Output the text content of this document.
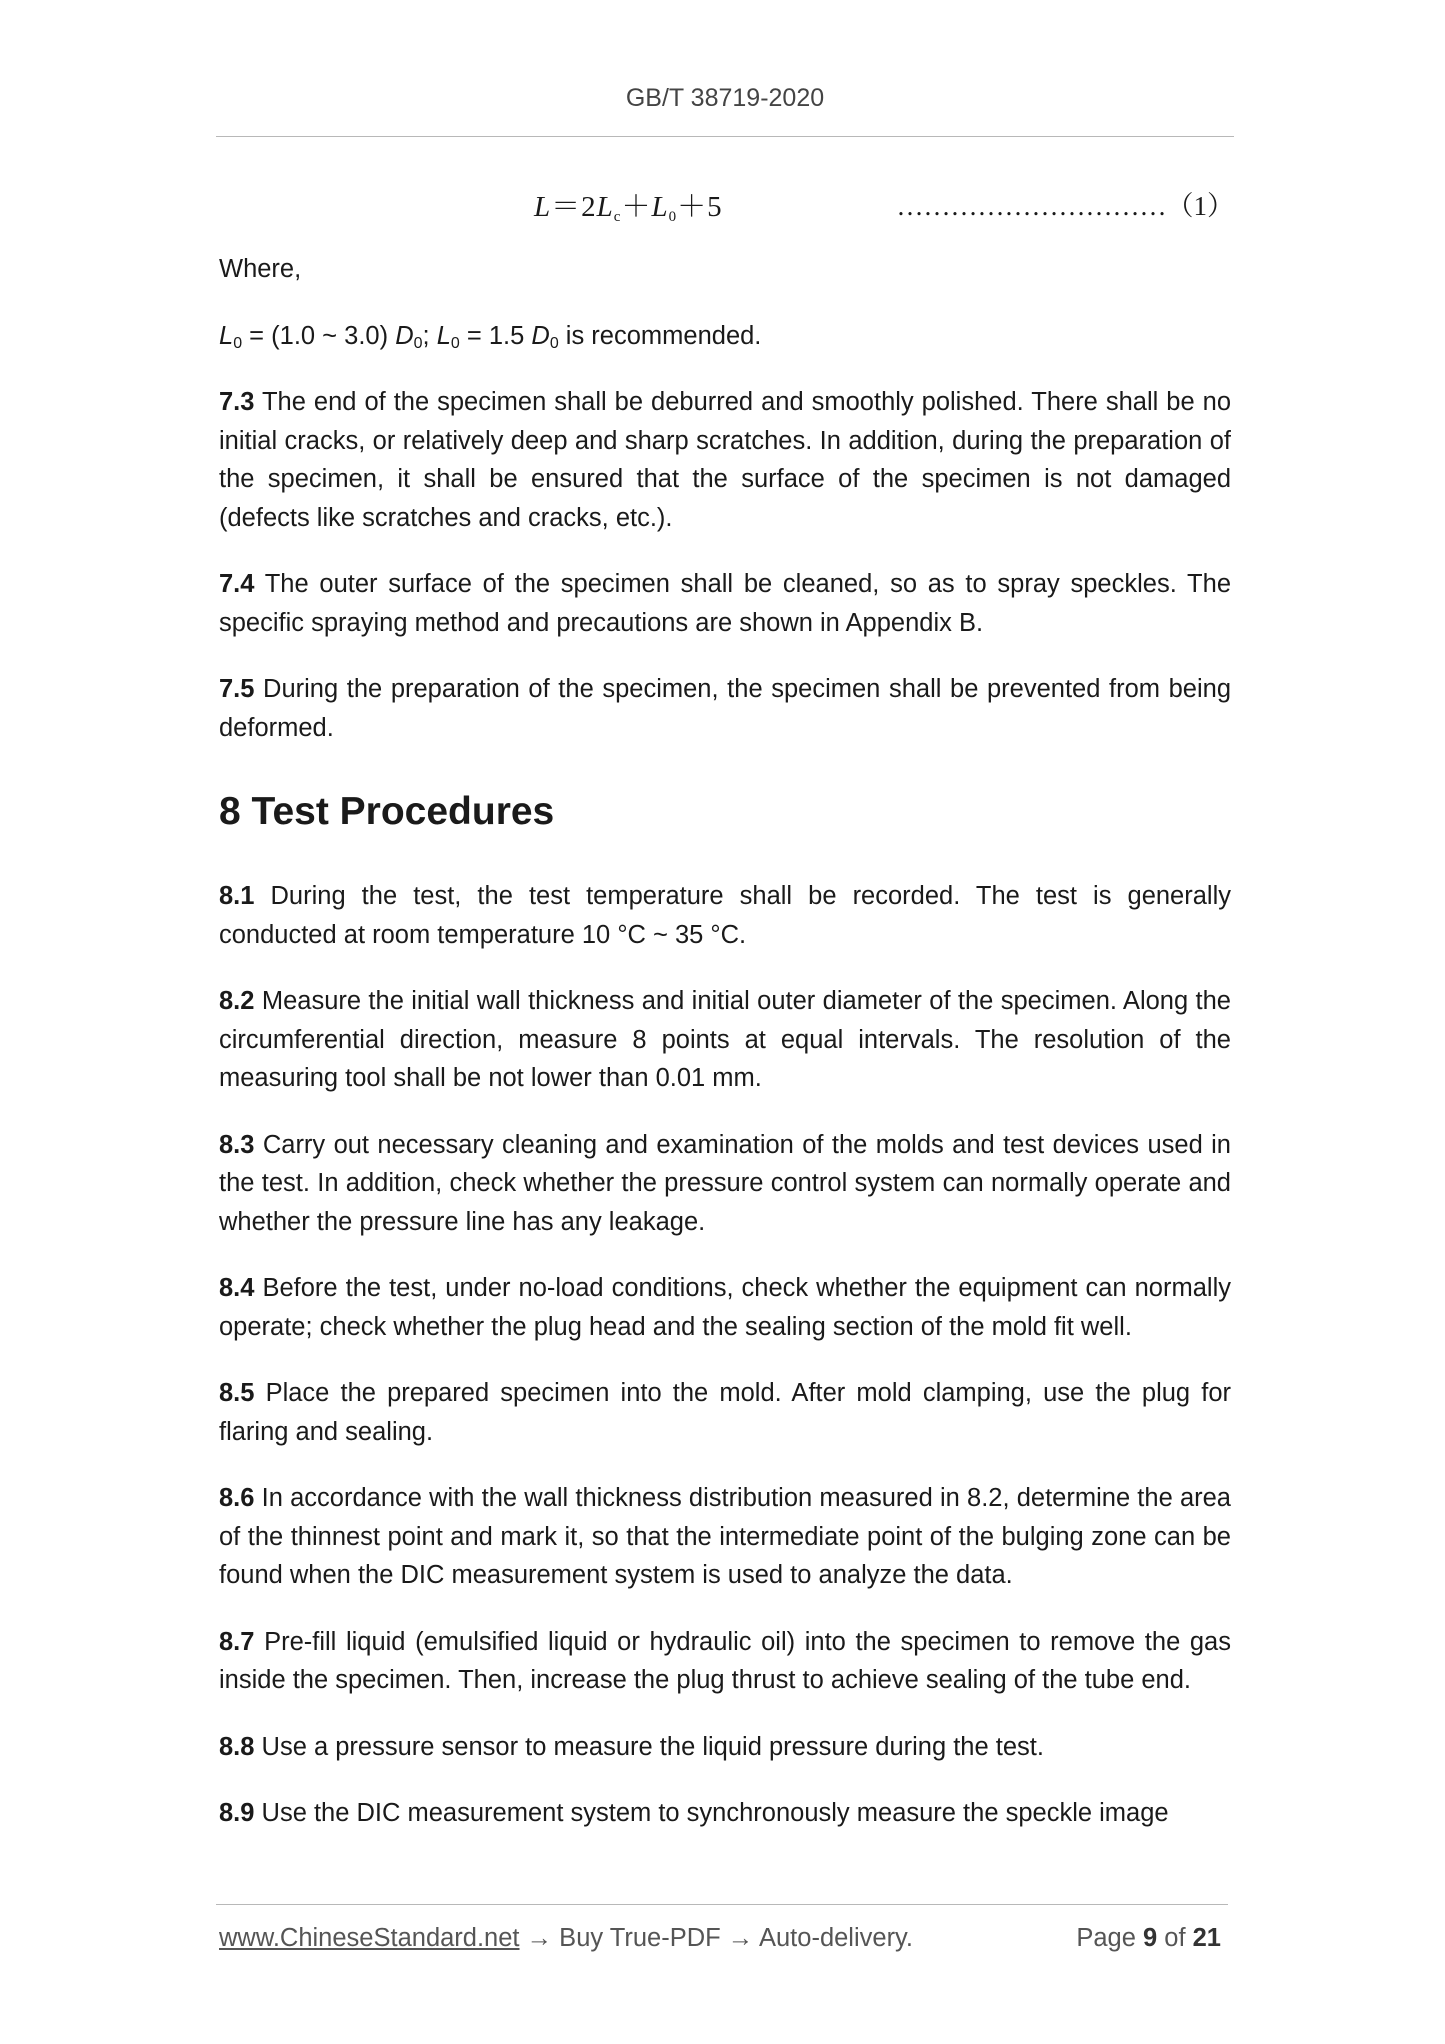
GB/T 38719-2020
$L=2L_c+L_0+5$	…………………………（1）

Where,

$L_0 = (1.0$ ~ 3.0) $D_0$; $L_0 = 1.5$ $D_0$ is recommended.

7.3 The end of the specimen shall be deburred and smoothly polished. There shall be no initial cracks, or relatively deep and sharp scratches. In addition, during the preparation of the specimen, it shall be ensured that the surface of the specimen is not damaged (defects like scratches and cracks, etc.).

7.4 The outer surface of the specimen shall be cleaned, so as to spray speckles. The specific spraying method and precautions are shown in Appendix B.

7.5 During the preparation of the specimen, the specimen shall be prevented from being deformed.

8 Test Procedures

8.1 During the test, the test temperature shall be recorded. The test is generally conducted at room temperature 10 °C ~ 35 °C.

8.2 Measure the initial wall thickness and initial outer diameter of the specimen. Along the circumferential direction, measure 8 points at equal intervals. The resolution of the measuring tool shall be not lower than 0.01 mm.

8.3 Carry out necessary cleaning and examination of the molds and test devices used in the test. In addition, check whether the pressure control system can normally operate and whether the pressure line has any leakage.

8.4 Before the test, under no-load conditions, check whether the equipment can normally operate; check whether the plug head and the sealing section of the mold fit well.

8.5 Place the prepared specimen into the mold. After mold clamping, use the plug for flaring and sealing.

8.6 In accordance with the wall thickness distribution measured in 8.2, determine the area of the thinnest point and mark it, so that the intermediate point of the bulging zone can be found when the DIC measurement system is used to analyze the data.

8.7 Pre-fill liquid (emulsified liquid or hydraulic oil) into the specimen to remove the gas inside the specimen. Then, increase the plug thrust to achieve sealing of the tube end.

8.8 Use a pressure sensor to measure the liquid pressure during the test.

8.9 Use the DIC measurement system to synchronously measure the speckle image

www.ChineseStandard.net → Buy True-PDF → Auto-delivery.	Page 9 of 21
